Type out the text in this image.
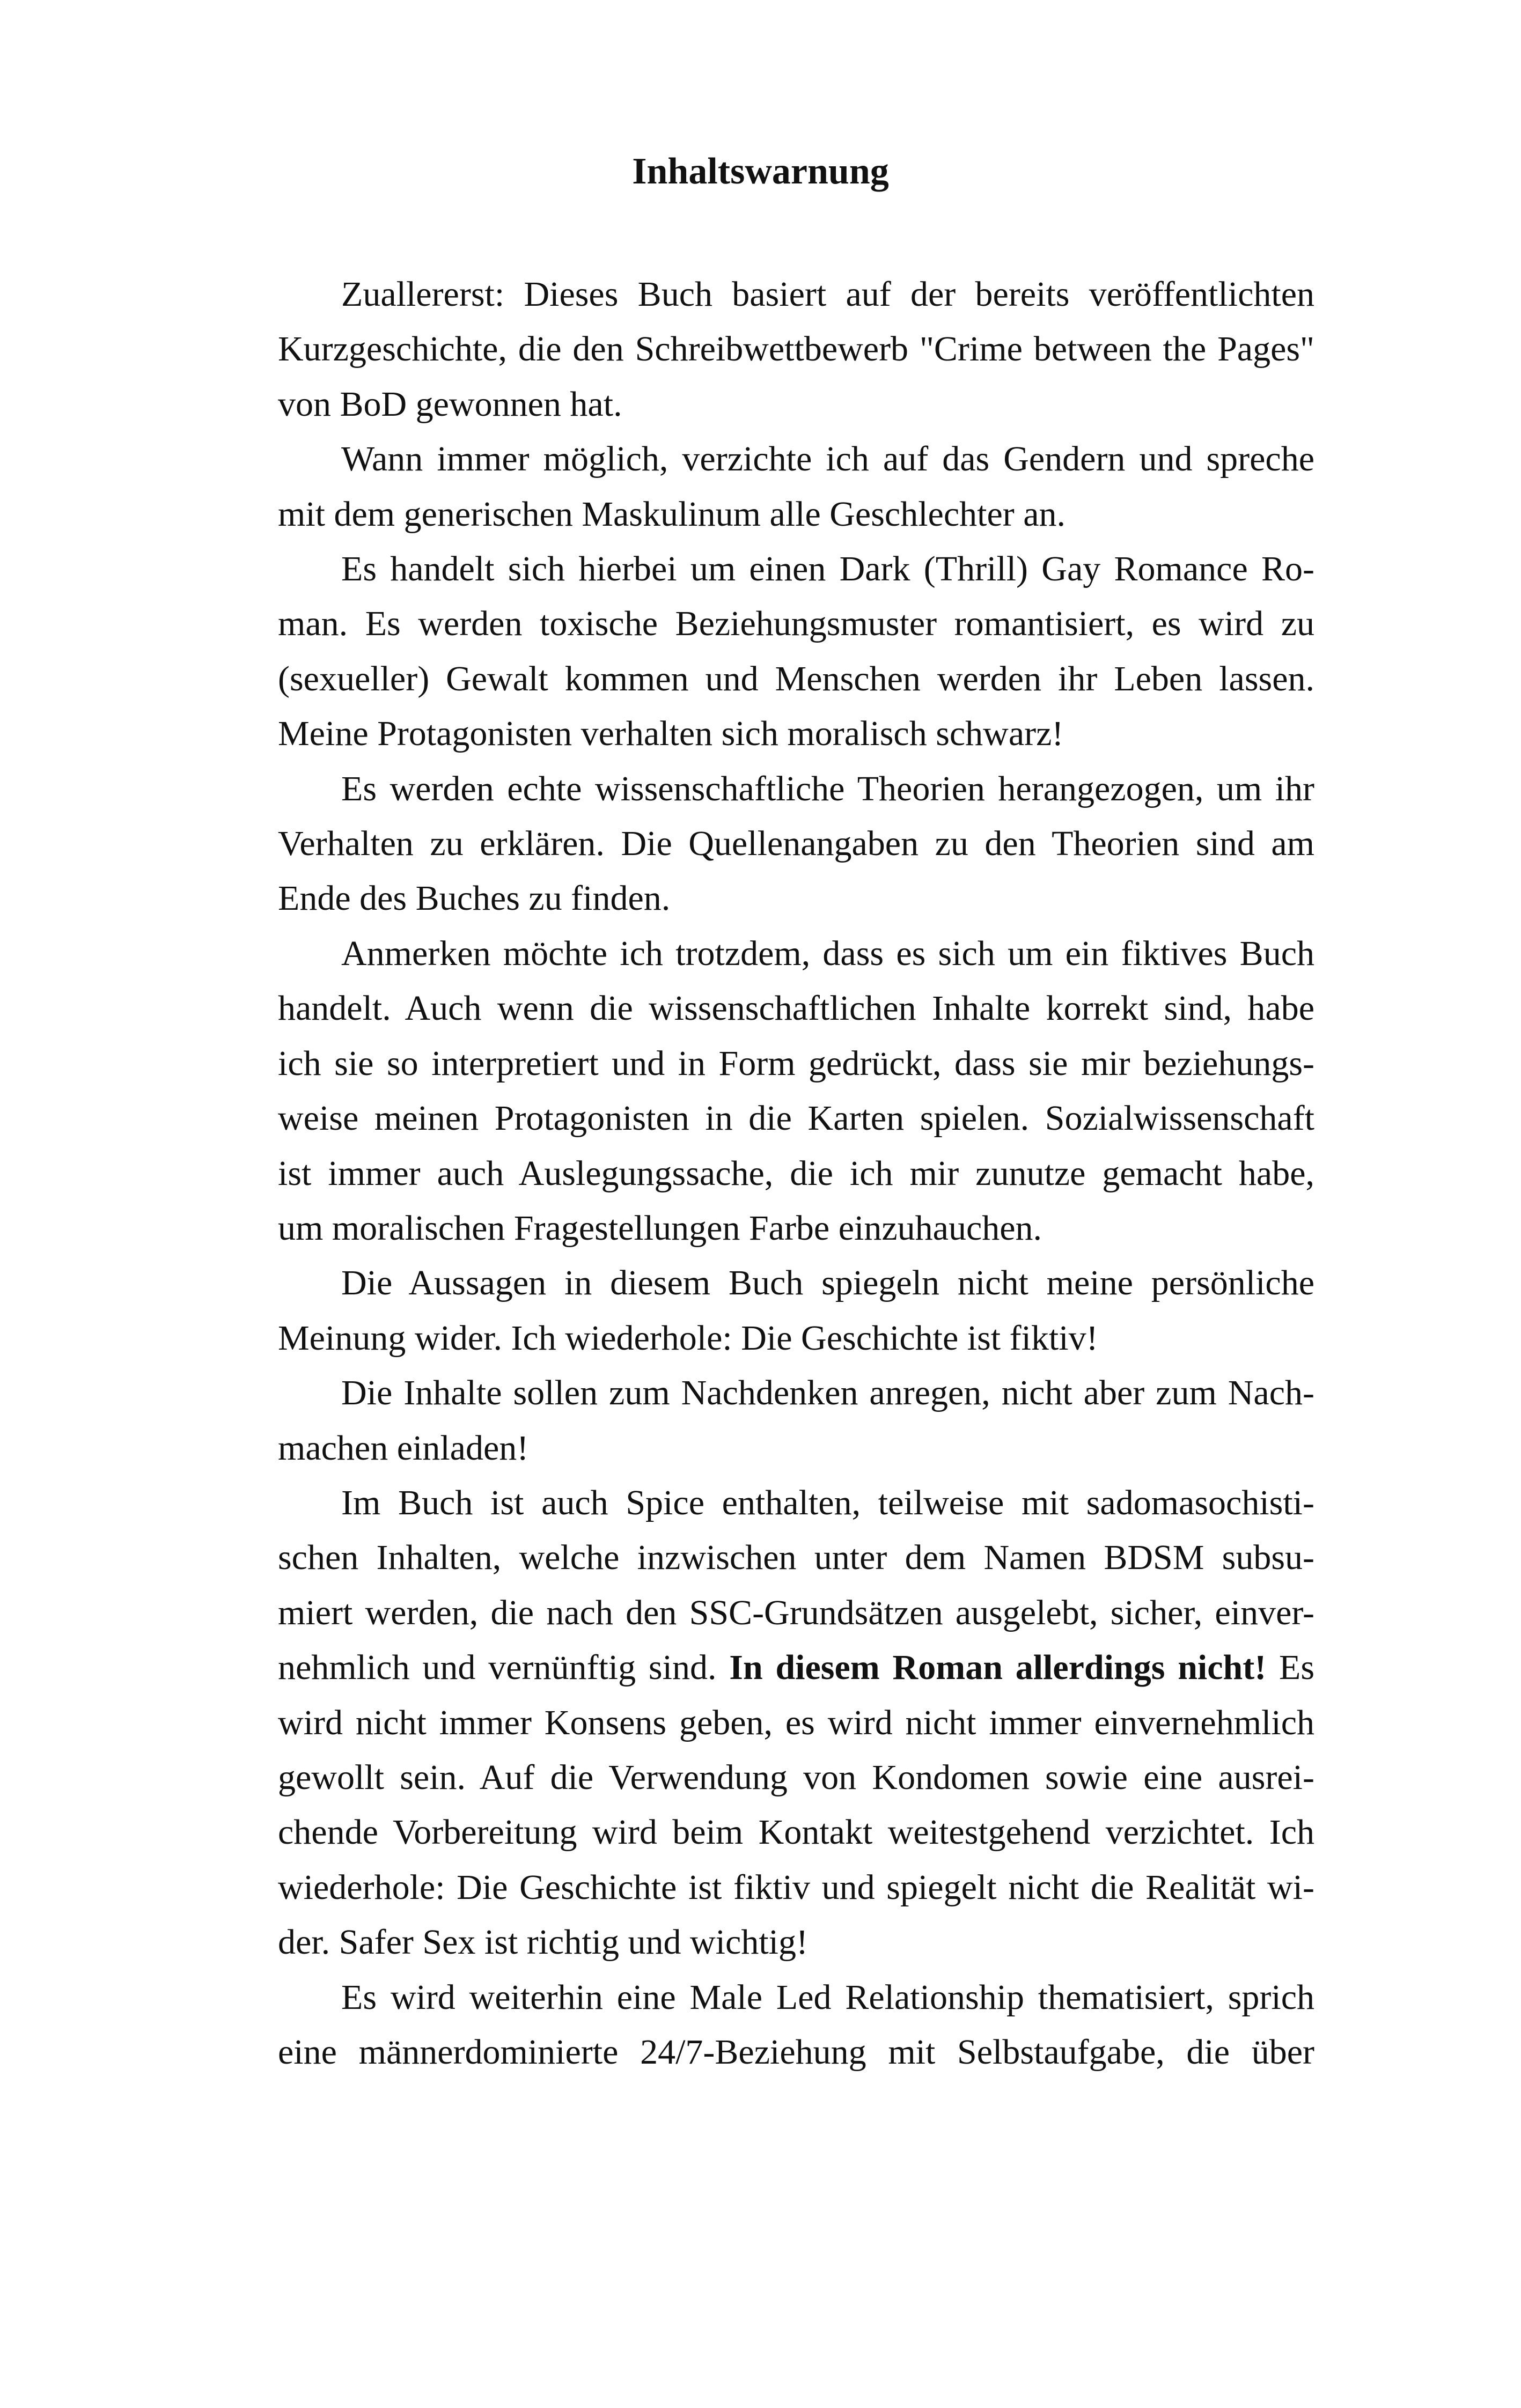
Inhaltswarnung

Zuallererst: Dieses Buch basiert auf der bereits veröffentlichten
Kurzgeschichte, die den Schreibwettbewerb "Crime between the Pages"
von BoD gewonnen hat.

Wann immer möglich, verzichte ich auf das Gendern und spreche
mit dem generischen Maskulinum alle Geschlechter an.

Es handelt sich hierbei um einen Dark (Thrill) Gay Romance Ro-
man. Es werden toxische Beziehungsmuster romantisiert, es wird zu
(sexueller) Gewalt kommen und Menschen werden ihr Leben lassen.
Meine Protagonisten verhalten sich moralisch schwarz!

Es werden echte wissenschaftliche Theorien herangezogen, um ihr
Verhalten zu erklären. Die Quellenangaben zu den Theorien sind am
Ende des Buches zu finden.

Anmerken möchte ich trotzdem, dass es sich um ein fiktives Buch
handelt. Auch wenn die wissenschaftlichen Inhalte korrekt sind, habe
ich sie so interpretiert und in Form gedrückt, dass sie mir beziehungs-
weise meinen Protagonisten in die Karten spielen. Sozialwissenschaft
ist immer auch Auslegungssache, die ich mir zunutze gemacht habe,
um moralischen Fragestellungen Farbe einzuhauchen.

Die Aussagen in diesem Buch spiegeln nicht meine persönliche
Meinung wider. Ich wiederhole: Die Geschichte ist fiktiv!

Die Inhalte sollen zum Nachdenken anregen, nicht aber zum Nach-
machen einladen!

Im Buch ist auch Spice enthalten, teilweise mit sadomasochisti-
schen Inhalten, welche inzwischen unter dem Namen BDSM subsu-
miert werden, die nach den SSC-Grundsätzen ausgelebt, sicher, einver-
nehmlich und vernünftig sind. In diesem Roman allerdings nicht! Es
wird nicht immer Konsens geben, es wird nicht immer einvernehmlich
gewollt sein. Auf die Verwendung von Kondomen sowie eine ausrei-
chende Vorbereitung wird beim Kontakt weitestgehend verzichtet. Ich
wiederhole: Die Geschichte ist fiktiv und spiegelt nicht die Realität wi-
der. Safer Sex ist richtig und wichtig!

Es wird weiterhin eine Male Led Relationship thematisiert, sprich
eine männerdominierte 24/7-Beziehung mit Selbstaufgabe, die über
